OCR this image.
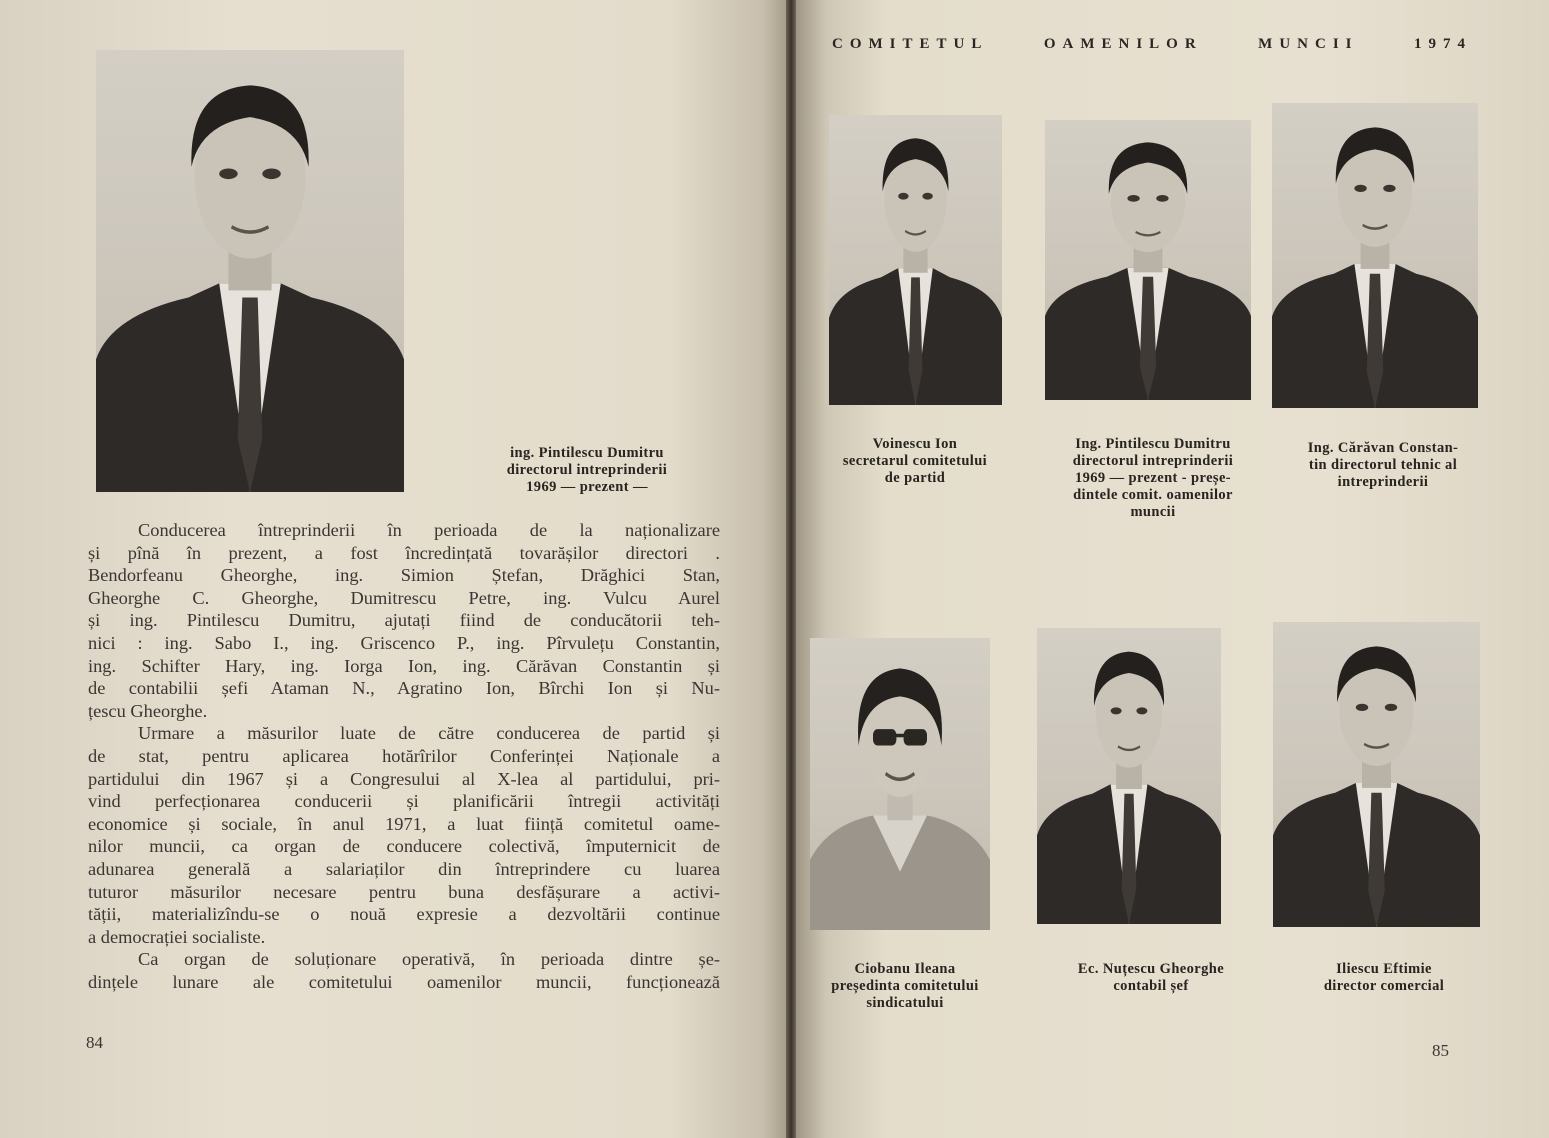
ing. Pintilescu Dumitru
directorul intreprinderii
1969 — prezent —
Conducerea întreprinderii în perioada de la naționalizare
și pînă în prezent, a fost încredințată tovarășilor directori .
Bendorfeanu Gheorghe, ing. Simion Ștefan, Drăghici Stan,
Gheorghe C. Gheorghe, Dumitrescu Petre, ing. Vulcu Aurel
și ing. Pintilescu Dumitru, ajutați fiind de conducătorii teh-
nici : ing. Sabo I., ing. Griscenco P., ing. Pîrvulețu Constantin,
ing. Schifter Hary, ing. Iorga Ion, ing. Cărăvan Constantin și
de contabilii șefi Ataman N., Agratino Ion, Bîrchi Ion și Nu-
țescu Gheorghe.
Urmare a măsurilor luate de către conducerea de partid și
de stat, pentru aplicarea hotărîrilor Conferinței Naționale a
partidului din 1967 și a Congresului al X-lea al partidului, pri-
vind perfecționarea conducerii și planificării întregii activități
economice și sociale, în anul 1971, a luat ființă comitetul oame-
nilor muncii, ca organ de conducere colectivă, împuternicit de
adunarea generală a salariaților din întreprindere cu luarea
tuturor măsurilor necesare pentru buna desfășurare a activi-
tății, materializîndu-se o nouă expresie a dezvoltării continue
a democrației socialiste.
Ca organ de soluționare operativă, în perioada dintre șe-
dințele lunare ale comitetului oamenilor muncii, funcționează
84
COMITETUL	OAMENILOR	MUNCII	1974
Voinescu Ion
secretarul comitetului
de partid
Ing. Pintilescu Dumitru
directorul intreprinderii
1969 — prezent - preșe-
dintele comit. oamenilor
muncii
Ing. Cărăvan Constan-
tin directorul tehnic al
intreprinderii
Ciobanu Ileana
președinta comitetului
sindicatului
Ec. Nuțescu Gheorghe
contabil șef
Iliescu Eftimie
director comercial
85
